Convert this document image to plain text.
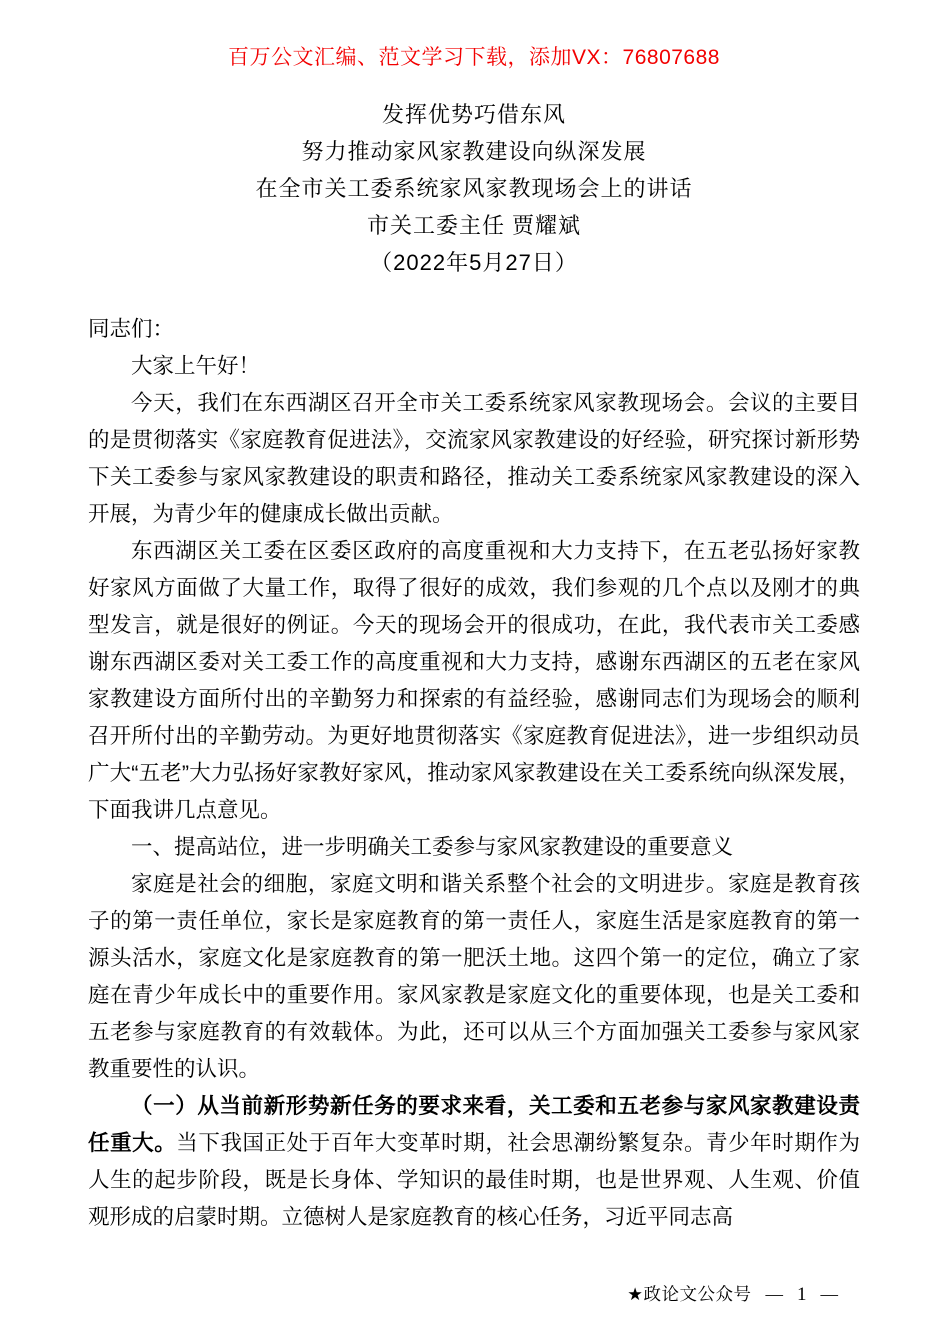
百万公文汇编、范文学习下载，添加VX：76807688
发挥优势巧借东风
努力推动家风家教建设向纵深发展
在全市关工委系统家风家教现场会上的讲话
市关工委主任 贾耀斌
（2022年5月27日）

同志们：

大家上午好！

今天，我们在东西湖区召开全市关工委系统家风家教现场会。会议的主要目的是贯彻落实《家庭教育促进法》，交流家风家教建设的好经验，研究探讨新形势下关工委参与家风家教建设的职责和路径，推动关工委系统家风家教建设的深入开展，为青少年的健康成长做出贡献。

东西湖区关工委在区委区政府的高度重视和大力支持下，在五老弘扬好家教好家风方面做了大量工作，取得了很好的成效，我们参观的几个点以及刚才的典型发言，就是很好的例证。今天的现场会开的很成功，在此，我代表市关工委感谢东西湖区委对关工委工作的高度重视和大力支持，感谢东西湖区的五老在家风家教建设方面所付出的辛勤努力和探索的有益经验，感谢同志们为现场会的顺利召开所付出的辛勤劳动。为更好地贯彻落实《家庭教育促进法》，进一步组织动员广大“五老”大力弘扬好家教好家风，推动家风家教建设在关工委系统向纵深发展，下面我讲几点意见。

一、提高站位，进一步明确关工委参与家风家教建设的重要意义

家庭是社会的细胞，家庭文明和谐关系整个社会的文明进步。家庭是教育孩子的第一责任单位，家长是家庭教育的第一责任人，家庭生活是家庭教育的第一源头活水，家庭文化是家庭教育的第一肥沃土地。这四个第一的定位，确立了家庭在青少年成长中的重要作用。家风家教是家庭文化的重要体现，也是关工委和五老参与家庭教育的有效载体。为此，还可以从三个方面加强关工委参与家风家教重要性的认识。

（一）从当前新形势新任务的要求来看，关工委和五老参与家风家教建设责任重大。当下我国正处于百年大变革时期，社会思潮纷繁复杂。青少年时期作为人生的起步阶段，既是长身体、学知识的最佳时期，也是世界观、人生观、价值观形成的启蒙时期。立德树人是家庭教育的核心任务，习近平同志高

★政论文公众号 — 1 —
